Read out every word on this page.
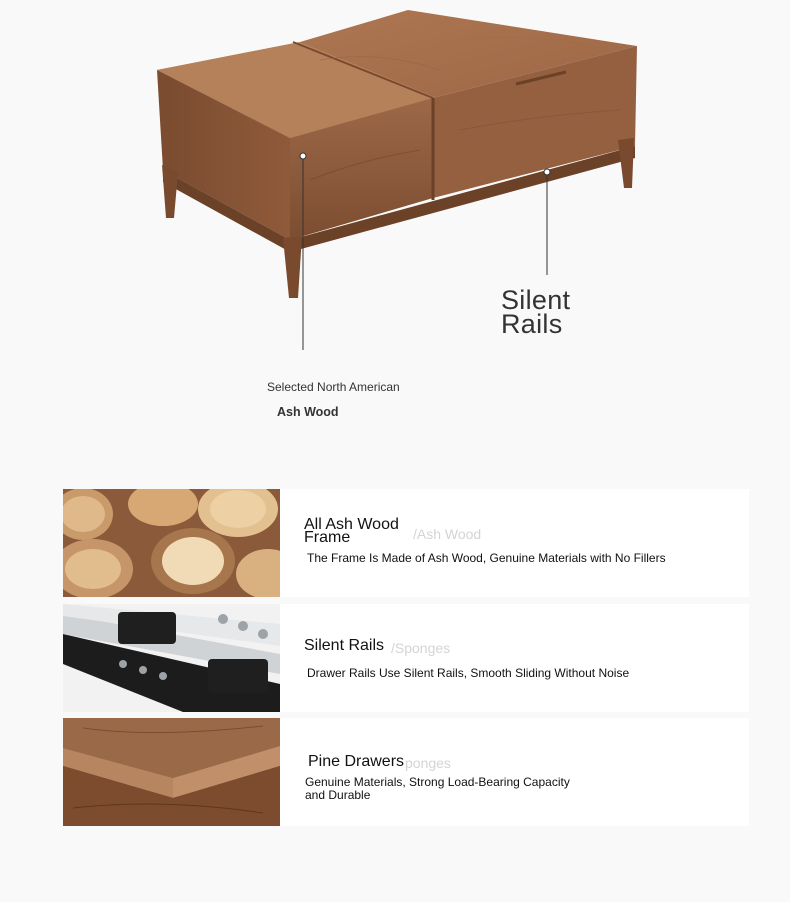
Silent
Rails
Selected North American
Ash Wood
All Ash Wood
Frame	/Ash Wood
The Frame Is Made of Ash Wood, Genuine Materials with No Fillers
Silent Rails /Sponges
Drawer Rails Use Silent Rails, Smooth Sliding Without Noise
Pine Drawers ponges
Genuine Materials, Strong Load-Bearing Capacity
and Durable
